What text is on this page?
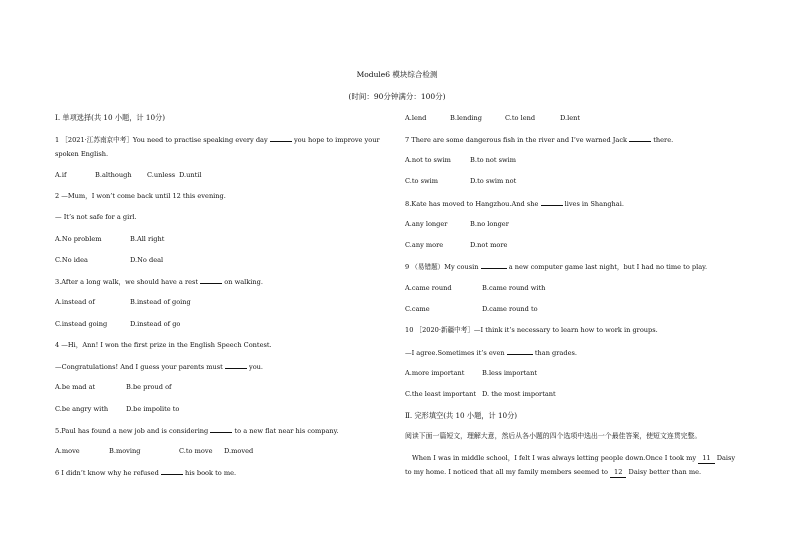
Module6 模块综合检测
(时间：90分钟满分：100分)
Ⅰ. 单项选择(共 10 小题，计 10分)
1 ［2021·江苏南京中考］You need to practise speaking every day	you hope to improve your
spoken English.
A.if	B.although	C.unless D.until
2 —Mum，I won’t come back until 12 this evening.
— It’s not safe for a girl.
A.No problem	B.All right
C.No idea	D.No deal
3.After a long walk，we should have a rest	on walking.
A.instead of	B.instead of going
C.instead going	D.instead of go
4 —Hi，Ann! I won the first prize in the English Speech Contest.
—Congratulations! And I guess your parents must	you.
A.be mad at	B.be proud of
C.be angry with	D.be impolite to
5.Paul has found a new job and is considering	to a new flat near his company.
A.move	B.moving	C.to move	D.moved
6 I didn’t know why he refused	his book to me.
A.lend	B.lending	C.to lend	D.lent
7 There are some dangerous fish in the river and I’ve warned Jack	there.
A.not to swim	B.to not swim
C.to swim	D.to swim not
8.Kate has moved to Hangzhou.And she	lives in Shanghai.
A.any longer	B.no longer
C.any more	D.not more
9 （易错题）My cousin	a new computer game last night，but I had no time to play.
A.came round	B.came round with
C.came	D.came round to
10 ［2020·新疆中考］—I think it’s necessary to learn how to work in groups.
—I agree.Sometimes it’s even	than grades.
A.more important	B.less important
C.the least important D. the most important
Ⅱ. 完形填空(共 10 小题，计 10分)
阅读下面一篇短文，理解大意，然后从各小题的四个选项中选出一个最佳答案，使短文连贯完整。
When I was in middle school，I felt I was always letting people down.Once I took my 11 Daisy
to my home. I noticed that all my family members seemed to 12 Daisy better than me.
